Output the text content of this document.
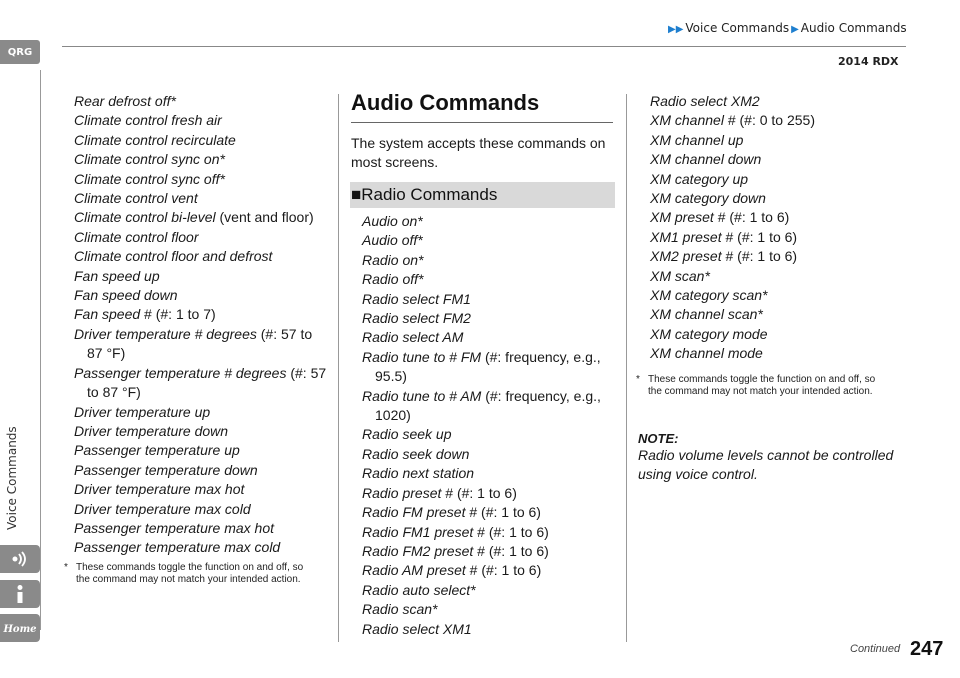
▶▶ Voice Commands ▶ Audio Commands
2014 RDX
QRG
Voice Commands
Home
Rear defrost off*
Climate control fresh air
Climate control recirculate
Climate control sync on*
Climate control sync off*
Climate control vent
Climate control bi-level (vent and floor)
Climate control floor
Climate control floor and defrost
Fan speed up
Fan speed down
Fan speed # (#: 1 to 7)
Driver temperature # degrees (#: 57 to
87 °F)
Passenger temperature # degrees (#: 57
to 87 °F)
Driver temperature up
Driver temperature down
Passenger temperature up
Passenger temperature down
Driver temperature max hot
Driver temperature max cold
Passenger temperature max hot
Passenger temperature max cold
* These commands toggle the function on and off, so the command may not match your intended action.
Audio Commands
The system accepts these commands on most screens.
■Radio Commands
Audio on*
Audio off*
Radio on*
Radio off*
Radio select FM1
Radio select FM2
Radio select AM
Radio tune to # FM (#: frequency, e.g.,
95.5)
Radio tune to # AM (#: frequency, e.g.,
1020)
Radio seek up
Radio seek down
Radio next station
Radio preset # (#: 1 to 6)
Radio FM preset # (#: 1 to 6)
Radio FM1 preset # (#: 1 to 6)
Radio FM2 preset # (#: 1 to 6)
Radio AM preset # (#: 1 to 6)
Radio auto select*
Radio scan*
Radio select XM1
Radio select XM2
XM channel # (#: 0 to 255)
XM channel up
XM channel down
XM category up
XM category down
XM preset # (#: 1 to 6)
XM1 preset # (#: 1 to 6)
XM2 preset # (#: 1 to 6)
XM scan*
XM category scan*
XM channel scan*
XM category mode
XM channel mode
* These commands toggle the function on and off, so the command may not match your intended action.
NOTE:
Radio volume levels cannot be controlled using voice control.
Continued 247
